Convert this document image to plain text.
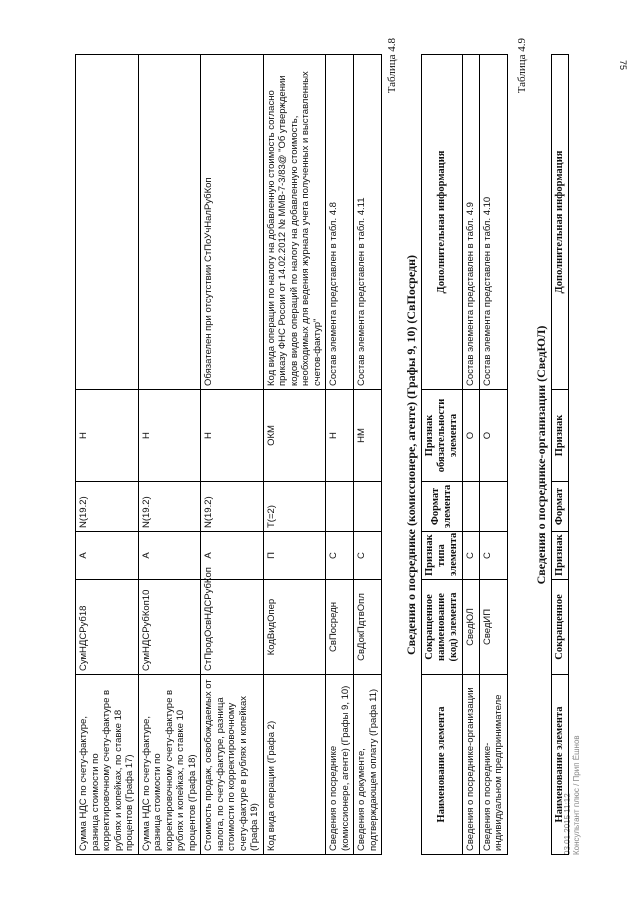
75
03.01.2015 11:12 Консультант плюс / Прип Ёшнов
Сумма НДС по счету-фактуре, разница стоимости по корректировочному счету-фактуре в рублях и копейках, по ставке 18 процентов (Графа 17)	СумНДСРуб18	А	N(19.2)	Н	
Сумма НДС по счету-фактуре, разница стоимости по корректировочному счету-фактуре в рублях и копейках, по ставке 10 процентов (Графа 18)	СумНДСРубКоп10	А	N(19.2)	Н	
Стоимость продаж, освобождаемых от налога, по счету-фактуре, разница стоимости по корректировочному счету-фактуре в рублях и копейках (Графа 19)	СтПродОсвНДСРубКоп	А	N(19.2)	Н	Обязателен при отсутствии СтПоУчНалРубКоп
Код вида операции (Графа 2)	КодВидОпер	П	T(=2)	ОКМ	Код вида операции по налогу на добавленную стоимость согласно приказу ФНС России от 14.02.2012 № ММВ-7-3/83@ "Об утверждении кодов видов операций по налогу на добавленную стоимость, необходимых для ведения журнала учета полученных и выставленных счетов-фактур"
Сведения о посреднике (комиссионере, агенте) (Графы 9, 10)	СвПосредн	С		Н	Состав элемента представлен в табл. 4.8
Сведения о документе, подтверждающем оплату (Графа 11)	СвДокПдтвОпл	С		НМ	Состав элемента представлен в табл. 4.11
Таблица 4.8
Сведения о посреднике (комиссионере, агенте) (Графы 9, 10) (СвПосредн)
Наименование элемента	Сокращенное наименование (код) элемента	Признак типа элемента	Формат элемента	Признак обязательности элемента	Дополнительная информация
Сведения о посреднике-организации	СведЮЛ	С		О	Состав элемента представлен в табл. 4.9
Сведения о посреднике-индивидуальном предпринимателе	СведИП	С		О	Состав элемента представлен в табл. 4.10
Таблица 4.9
Сведения о посреднике-организации (СведЮЛ)
Наименование элемента	Сокращенное	Признак	Формат	Признак	Дополнительная информация
